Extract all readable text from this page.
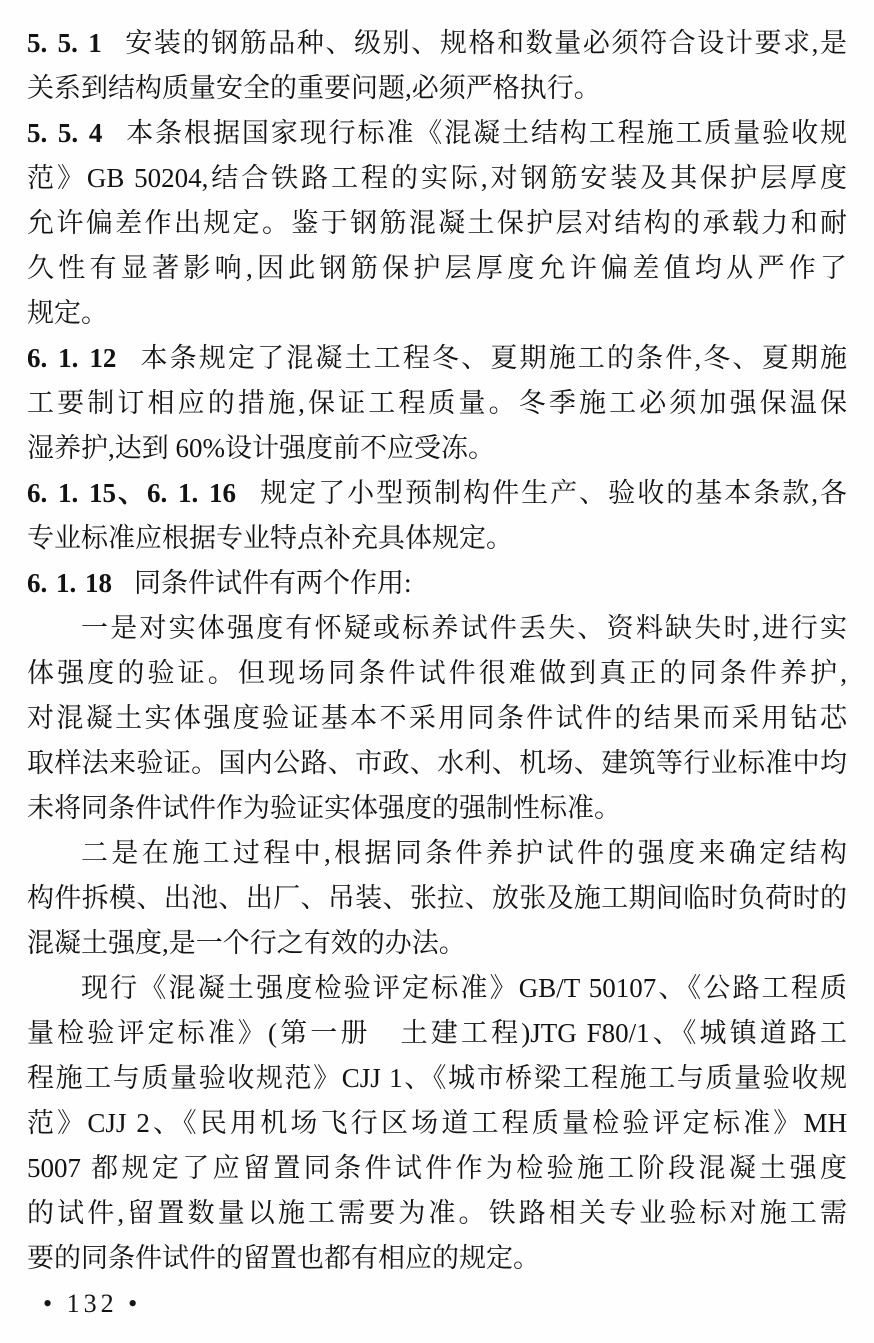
5. 5. 1 安装的钢筋品种、级别、规格和数量必须符合设计要求,是
关系到结构质量安全的重要问题,必须严格执行。
5. 5. 4 本条根据国家现行标准《混凝土结构工程施工质量验收规
范》GB 50204,结合铁路工程的实际,对钢筋安装及其保护层厚度
允许偏差作出规定。鉴于钢筋混凝土保护层对结构的承载力和耐
久性有显著影响,因此钢筋保护层厚度允许偏差值均从严作了
规定。
6. 1. 12 本条规定了混凝土工程冬、夏期施工的条件,冬、夏期施
工要制订相应的措施,保证工程质量。冬季施工必须加强保温保
湿养护,达到 60%设计强度前不应受冻。
6. 1. 15、6. 1. 16 规定了小型预制构件生产、验收的基本条款,各
专业标准应根据专业特点补充具体规定。
6. 1. 18 同条件试件有两个作用:
一是对实体强度有怀疑或标养试件丢失、资料缺失时,进行实
体强度的验证。但现场同条件试件很难做到真正的同条件养护,
对混凝土实体强度验证基本不采用同条件试件的结果而采用钻芯
取样法来验证。国内公路、市政、水利、机场、建筑等行业标准中均
未将同条件试件作为验证实体强度的强制性标准。
二是在施工过程中,根据同条件养护试件的强度来确定结构
构件拆模、出池、出厂、吊装、张拉、放张及施工期间临时负荷时的
混凝土强度,是一个行之有效的办法。
现行《混凝土强度检验评定标准》GB/T 50107、《公路工程质
量检验评定标准》(第一册　土建工程)JTG F80/1、《城镇道路工
程施工与质量验收规范》CJJ 1、《城市桥梁工程施工与质量验收规
范》CJJ 2、《民用机场飞行区场道工程质量检验评定标准》MH
5007 都规定了应留置同条件试件作为检验施工阶段混凝土强度
的试件,留置数量以施工需要为准。铁路相关专业验标对施工需
要的同条件试件的留置也都有相应的规定。
• 132 •
